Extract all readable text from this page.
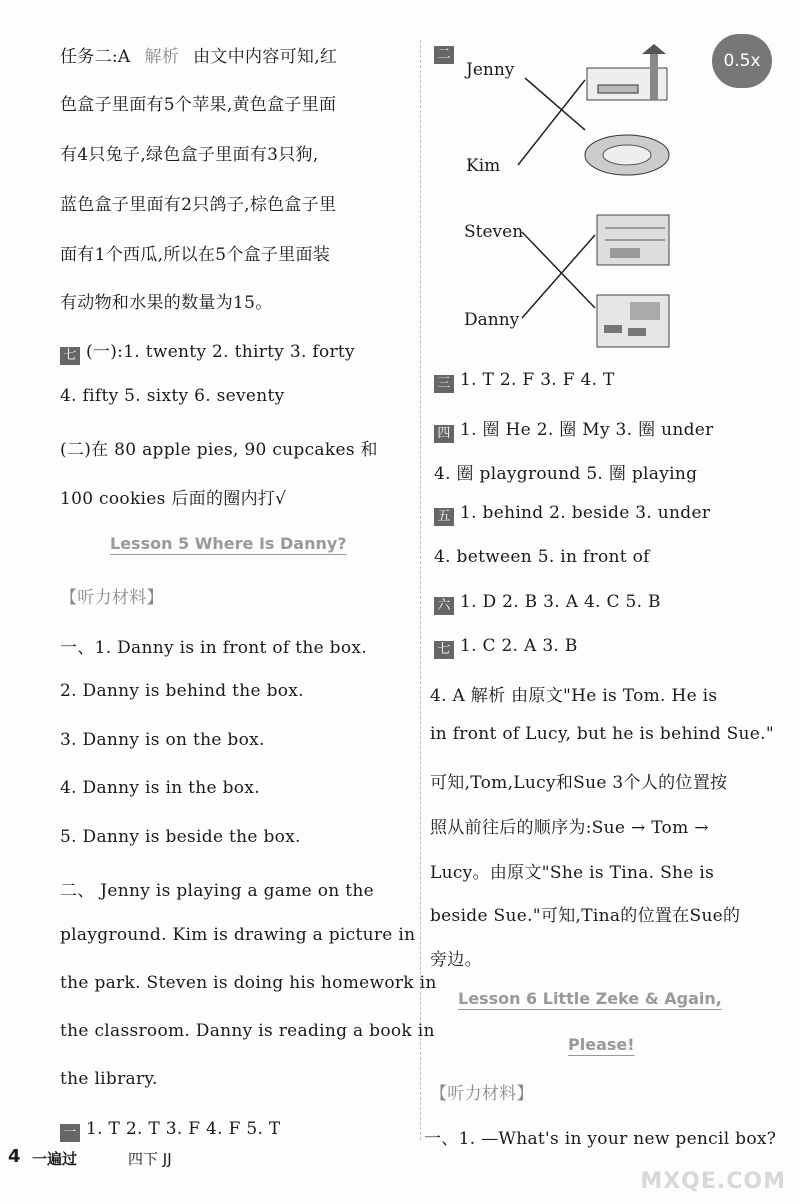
0.5x
任务二:A 解析 由文中内容可知,红
色盒子里面有5个苹果,黄色盒子里面
有4只兔子,绿色盒子里面有3只狗,
蓝色盒子里面有2只鸽子,棕色盒子里
面有1个西瓜,所以在5个盒子里面装
有动物和水果的数量为15。
七 (一):1. twenty 2. thirty 3. forty
4. fifty 5. sixty 6. seventy
(二)在 80 apple pies, 90 cupcakes 和
100 cookies 后面的圈内打√
Lesson 5 Where Is Danny?
【听力材料】
一、1. Danny is in front of the box.
2. Danny is behind the box.
3. Danny is on the box.
4. Danny is in the box.
5. Danny is beside the box.
二、 Jenny is playing a game on the
playground. Kim is drawing a picture in
the park. Steven is doing his homework in
the classroom. Danny is reading a book in
the library.
一 1. T 2. T 3. F 4. F 5. T
二
Jenny
Kim
Steven
Danny
三 1. T 2. F 3. F 4. T
四 1. 圈 He 2. 圈 My 3. 圈 under
4. 圈 playground 5. 圈 playing
五 1. behind 2. beside 3. under
4. between 5. in front of
六 1. D 2. B 3. A 4. C 5. B
七 1. C 2. A 3. B
4. A 解析 由原文"He is Tom. He is
in front of Lucy, but he is behind Sue."
可知,Tom,Lucy和Sue 3个人的位置按
照从前往后的顺序为:Sue → Tom →
Lucy。由原文"She is Tina. She is
beside Sue."可知,Tina的位置在Sue的
旁边。
Lesson 6 Little Zeke & Again,
Please!
【听力材料】
一、1. —What's in your new pencil box?
4 一遍过	四下 JJ
MXQE.COM
